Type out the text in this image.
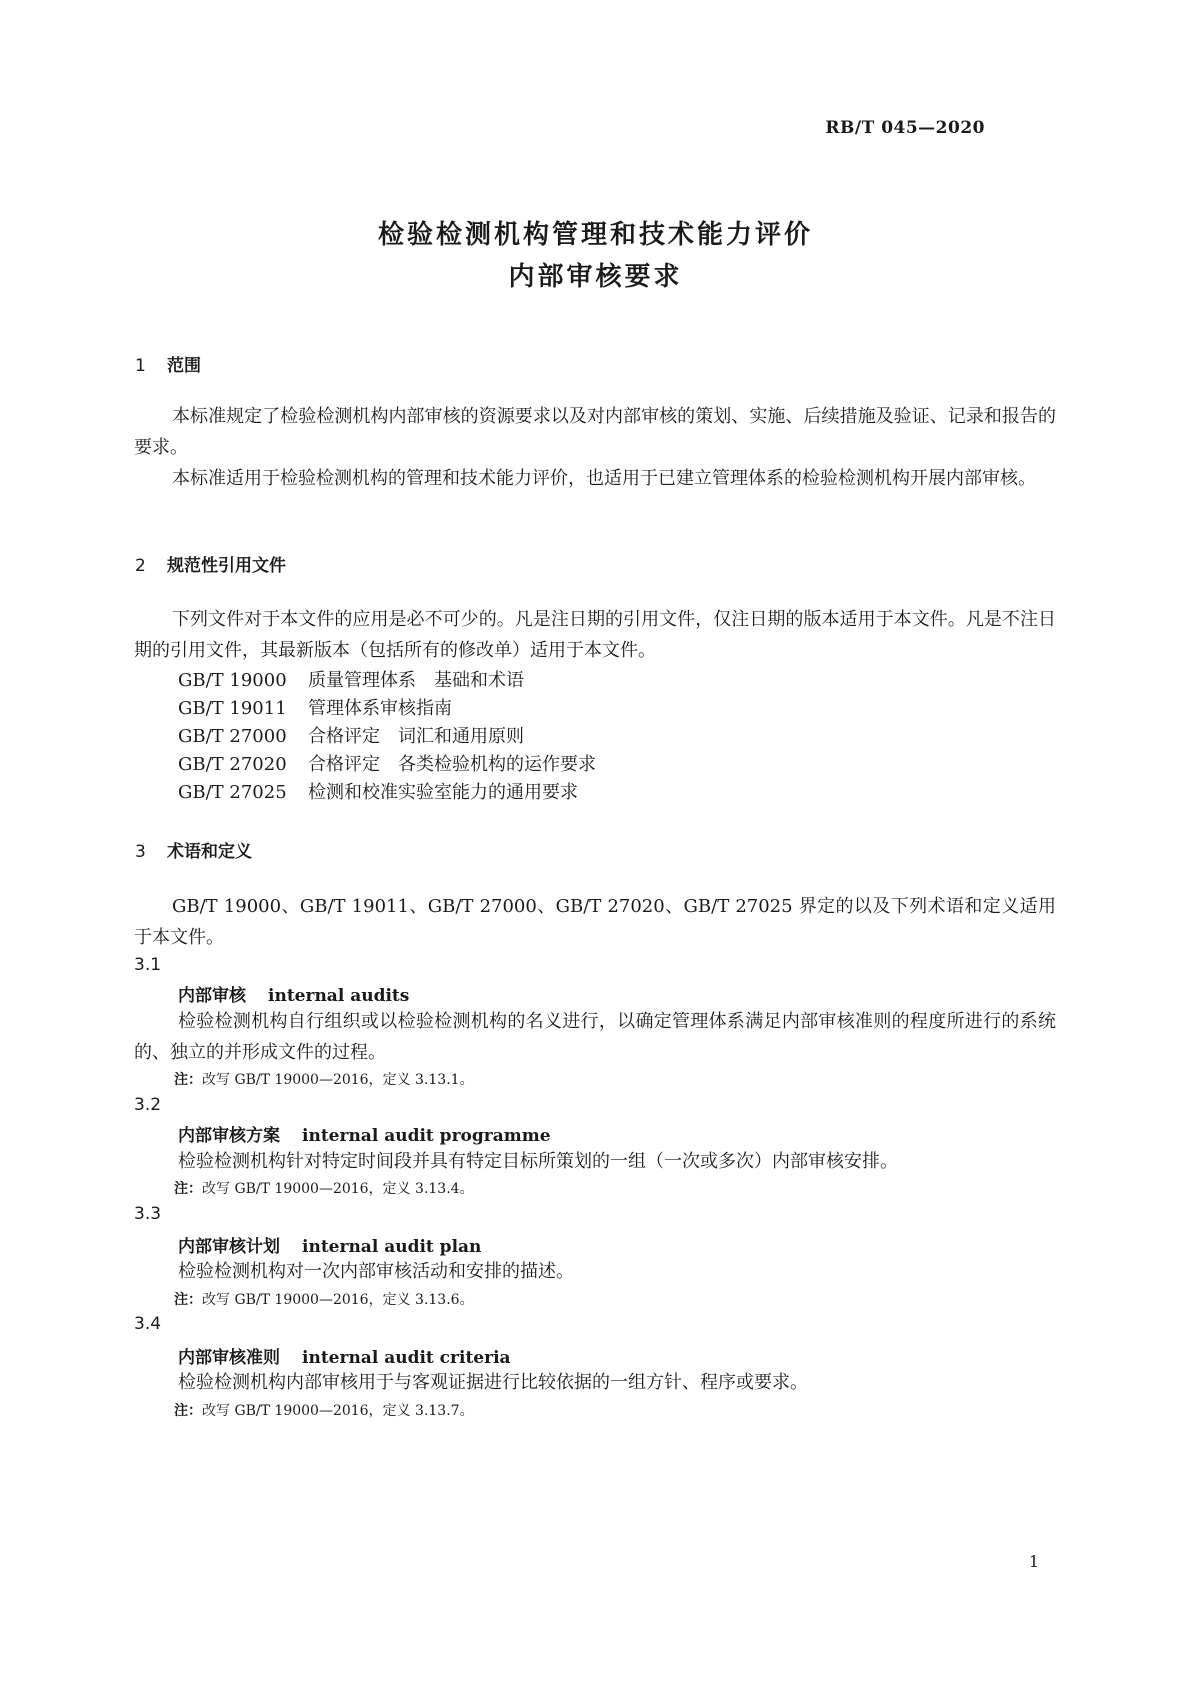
RB/T 045—2020
检验检测机构管理和技术能力评价
内部审核要求
1 范围
本标准规定了检验检测机构内部审核的资源要求以及对内部审核的策划、实施、后续措施及验证、记录和报告的要求。
本标准适用于检验检测机构的管理和技术能力评价，也适用于已建立管理体系的检验检测机构开展内部审核。
2 规范性引用文件
下列文件对于本文件的应用是必不可少的。凡是注日期的引用文件，仅注日期的版本适用于本文件。凡是不注日期的引用文件，其最新版本（包括所有的修改单）适用于本文件。
GB/T 19000 质量管理体系 基础和术语
GB/T 19011 管理体系审核指南
GB/T 27000 合格评定 词汇和通用原则
GB/T 27020 合格评定 各类检验机构的运作要求
GB/T 27025 检测和校准实验室能力的通用要求
3 术语和定义
GB/T 19000、GB/T 19011、GB/T 27000、GB/T 27020、GB/T 27025 界定的以及下列术语和定义适用于本文件。
3.1
内部审核 internal audits
检验检测机构自行组织或以检验检测机构的名义进行，以确定管理体系满足内部审核准则的程度所进行的系统的、独立的并形成文件的过程。
注：改写 GB/T 19000—2016，定义 3.13.1。
3.2
内部审核方案 internal audit programme
检验检测机构针对特定时间段并具有特定目标所策划的一组（一次或多次）内部审核安排。
注：改写 GB/T 19000—2016，定义 3.13.4。
3.3
内部审核计划 internal audit plan
检验检测机构对一次内部审核活动和安排的描述。
注：改写 GB/T 19000—2016，定义 3.13.6。
3.4
内部审核准则 internal audit criteria
检验检测机构内部审核用于与客观证据进行比较依据的一组方针、程序或要求。
注：改写 GB/T 19000—2016，定义 3.13.7。
1
